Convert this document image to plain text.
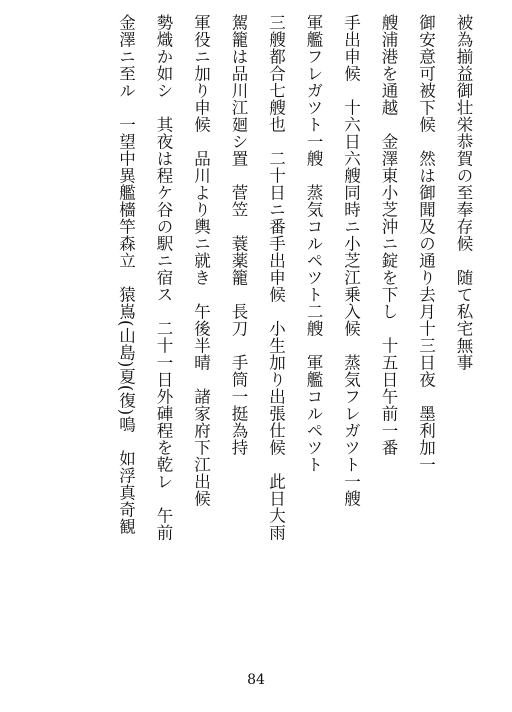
被為揃益御壮栄恭賀の至奉存候　随て私宅無事
御安意可被下候　然は御聞及の通り去月十三日夜　墨利加一
艘浦港を通越　金澤東小芝沖ニ錠を下し　十五日午前一番
手出申候　十六日六艘同時ニ小芝江乗入候　蒸気フレガツト一艘
軍艦フレガツト一艘　蒸気コルペツト二艘　軍艦コルペツト
三艘都合七艘也　二十日ニ番手出申候　小生加り出張仕候　此日大雨
駕籠は品川江廻シ置　菅笠　蓑薬籠　長刀　手筒一挺為持
軍役ニ加り申候　品川より輿ニ就き　午後半晴　諸家府下江出候
勢熾か如シ　其夜は程ケ谷の駅ニ宿ス　二十一日外硨程を乾レ　午前
金澤ニ至ル　一望中異艦檣竿森立　猿嶌(山島)夏(復)鳴　如浮真奇観
84
